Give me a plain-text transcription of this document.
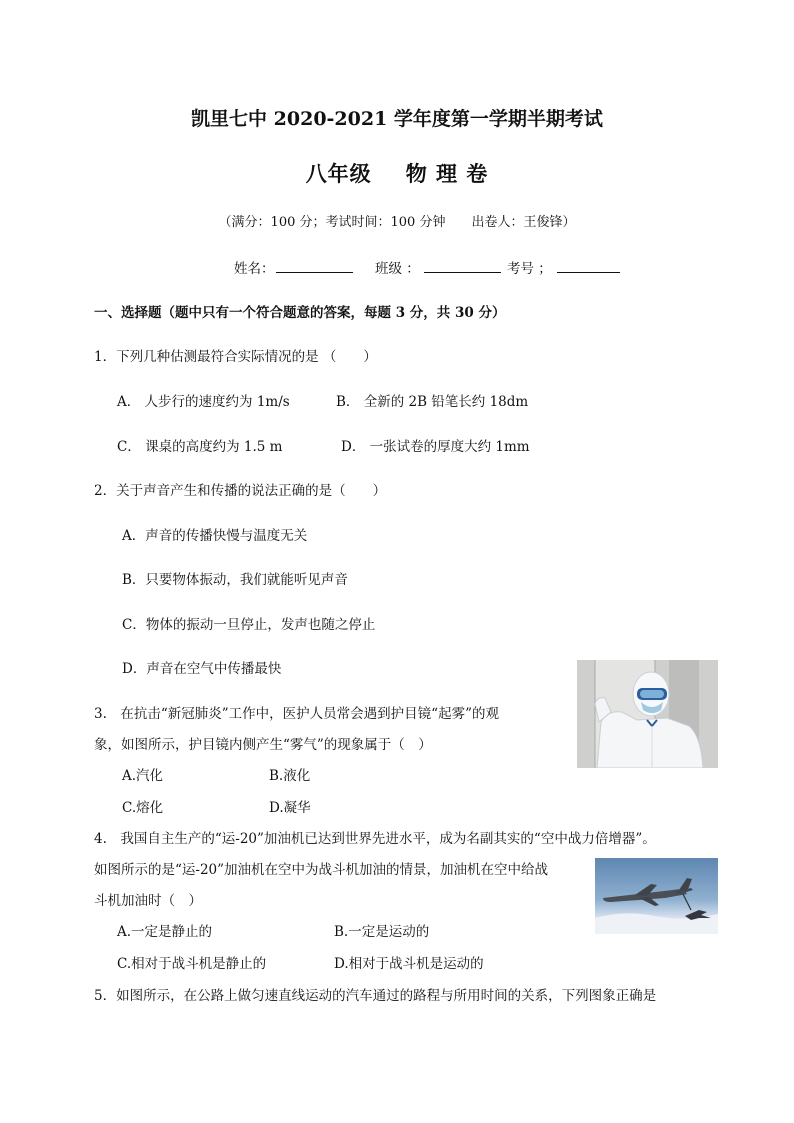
凯里七中 2020-2021 学年度第一学期半期考试
八年级 物 理 卷
（满分：100 分；考试时间：100 分钟　　出卷人：王俊锋）
姓名：	班级 ：	考号 ；
一、选择题（题中只有一个符合题意的答案，每题 3 分，共 30 分）
1．下列几种估测最符合实际情况的是 （　　）
A． 人步行的速度约为 1m/s	B． 全新的 2B 铅笔长约 18dm
C． 课桌的高度约为 1.5 m	D． 一张试卷的厚度大约 1mm
2．关于声音产生和传播的说法正确的是（　　）
A．声音的传播快慢与温度无关
B．只要物体振动，我们就能听见声音
C．物体的振动一旦停止，发声也随之停止
D．声音在空气中传播最快
3.　在抗击“新冠肺炎”工作中，医护人员常会遇到护目镜“起雾”的观
象，如图所示，护目镜内侧产生“雾气”的现象属于（　）
A.汽化	B.液化
C.熔化	D.凝华
4.　我国自主生产的“运-20”加油机已达到世界先进水平，成为名副其实的“空中战力倍增器”。
如图所示的是“运-20”加油机在空中为战斗机加油的情景，加油机在空中给战
斗机加油时（　）
A.一定是静止的	B.一定是运动的
C.相对于战斗机是静止的	D.相对于战斗机是运动的
5．如图所示，在公路上做匀速直线运动的汽车通过的路程与所用时间的关系，下列图象正确是
